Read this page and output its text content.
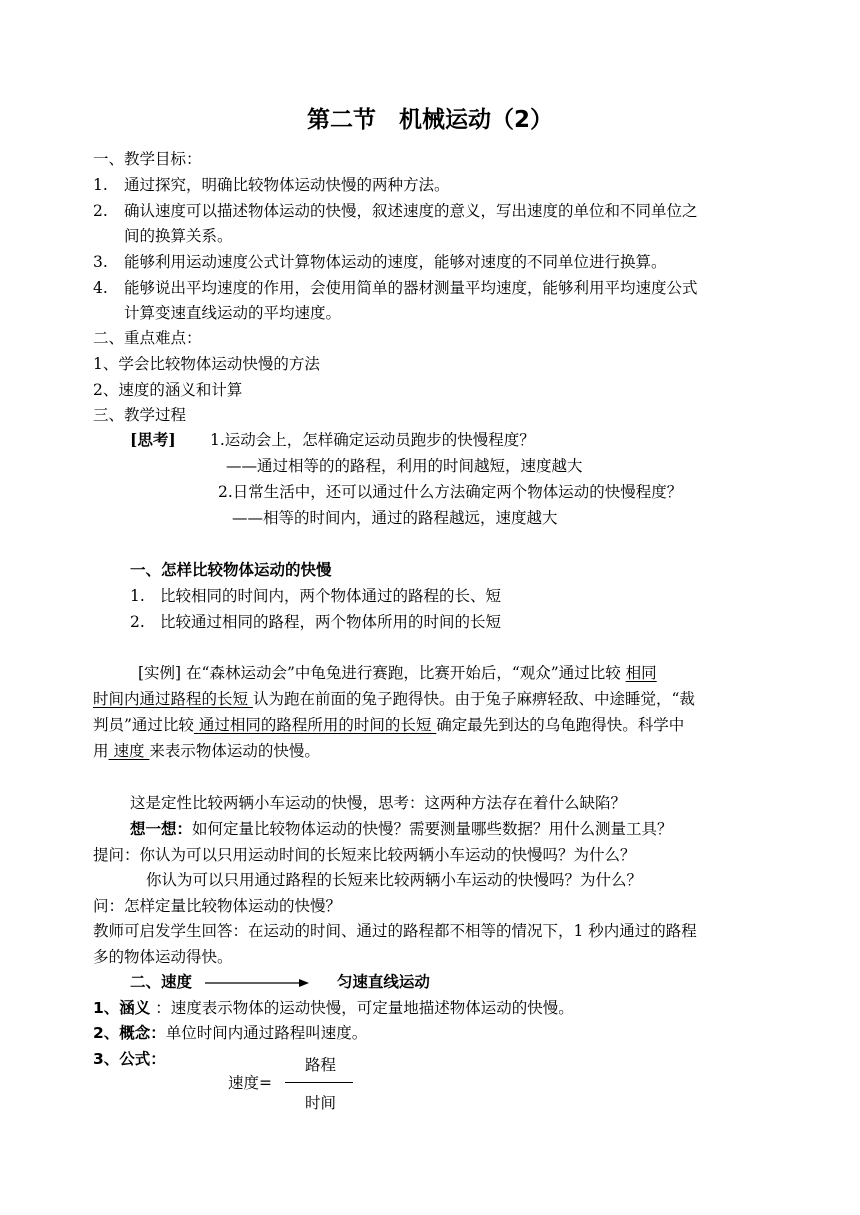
第二节　机械运动（2）
一、教学目标：
1. 通过探究，明确比较物体运动快慢的两种方法。
2. 确认速度可以描述物体运动的快慢，叙述速度的意义，写出速度的单位和不同单位之
间的换算关系。
3. 能够利用运动速度公式计算物体运动的速度，能够对速度的不同单位进行换算。
4. 能够说出平均速度的作用，会使用简单的器材测量平均速度，能够利用平均速度公式
计算变速直线运动的平均速度。
二、重点难点：
1、学会比较物体运动快慢的方法
2、速度的涵义和计算
三、教学过程
[思考] 1.运动会上，怎样确定运动员跑步的快慢程度？
——通过相等的的路程，利用的时间越短，速度越大
2.日常生活中，还可以通过什么方法确定两个物体运动的快慢程度？
——相等的时间内，通过的路程越远，速度越大
一、怎样比较物体运动的快慢
1. 比较相同的时间内，两个物体通过的路程的长、短
2. 比较通过相同的路程，两个物体所用的时间的长短
[实例] 在“森林运动会”中龟兔进行赛跑，比赛开始后，“观众”通过比较 相同
时间内通过路程的长短 认为跑在前面的兔子跑得快。由于兔子麻痹轻敌、中途睡觉，“裁
判员”通过比较 通过相同的路程所用的时间的长短 确定最先到达的乌龟跑得快。科学中
用 速度 来表示物体运动的快慢。
这是定性比较两辆小车运动的快慢，思考：这两种方法存在着什么缺陷？
想一想：如何定量比较物体运动的快慢？需要测量哪些数据？用什么测量工具？
提问：你认为可以只用运动时间的长短来比较两辆小车运动的快慢吗？为什么？
你认为可以只用通过路程的长短来比较两辆小车运动的快慢吗？为什么？
问：怎样定量比较物体运动的快慢？
教师可启发学生回答：在运动的时间、通过的路程都不相等的情况下，1 秒内通过的路程
多的物体运动得快。
二、速度	匀速直线运动
1、涵义 ：速度表示物体的运动快慢，可定量地描述物体运动的快慢。
2、概念：单位时间内通过路程叫速度。
3、公式：
速度=
路程
时间
